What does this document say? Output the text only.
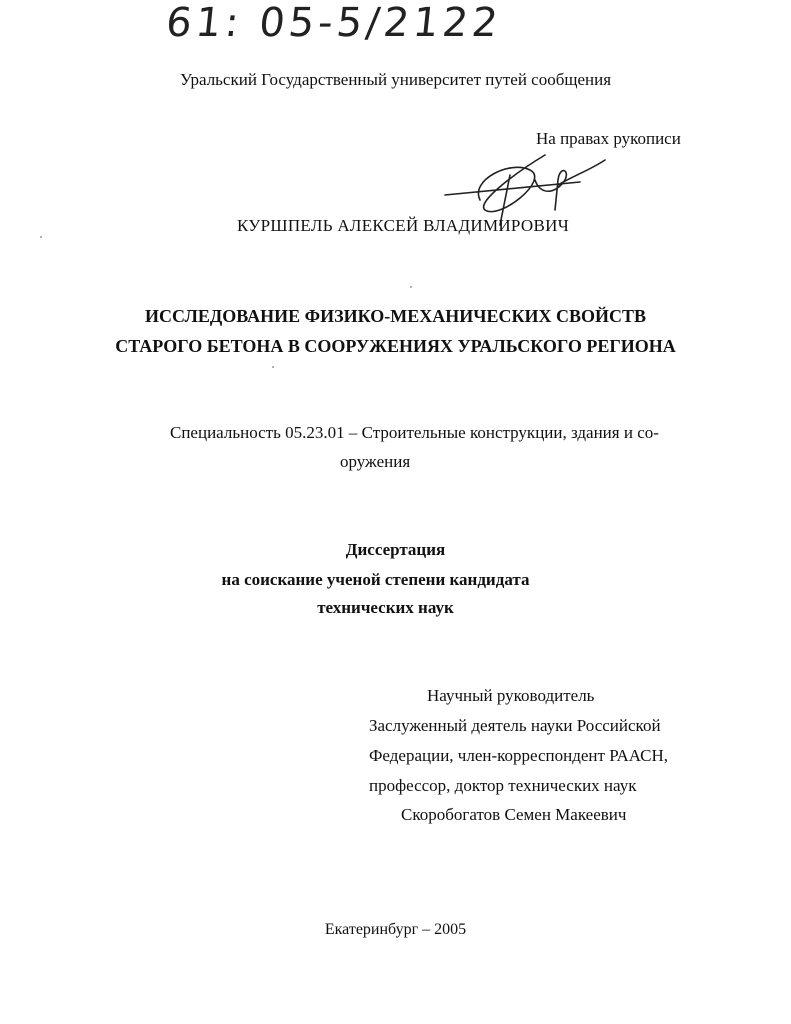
61: 05-5/2122
Уральский Государственный университет путей сообщения
На правах рукописи
КУРШПЕЛЬ АЛЕКСЕЙ ВЛАДИМИРОВИЧ
ИССЛЕДОВАНИЕ ФИЗИКО-МЕХАНИЧЕСКИХ СВОЙСТВ
СТАРОГО БЕТОНА В СООРУЖЕНИЯХ УРАЛЬСКОГО РЕГИОНА
Специальность 05.23.01 – Строительные конструкции, здания и со-
оружения
Диссертация
на соискание ученой степени кандидата
технических наук
Научный руководитель
Заслуженный деятель науки Российской
Федерации, член-корреспондент РААСН,
профессор, доктор технических наук
Скоробогатов Семен Макеевич
Екатеринбург – 2005
